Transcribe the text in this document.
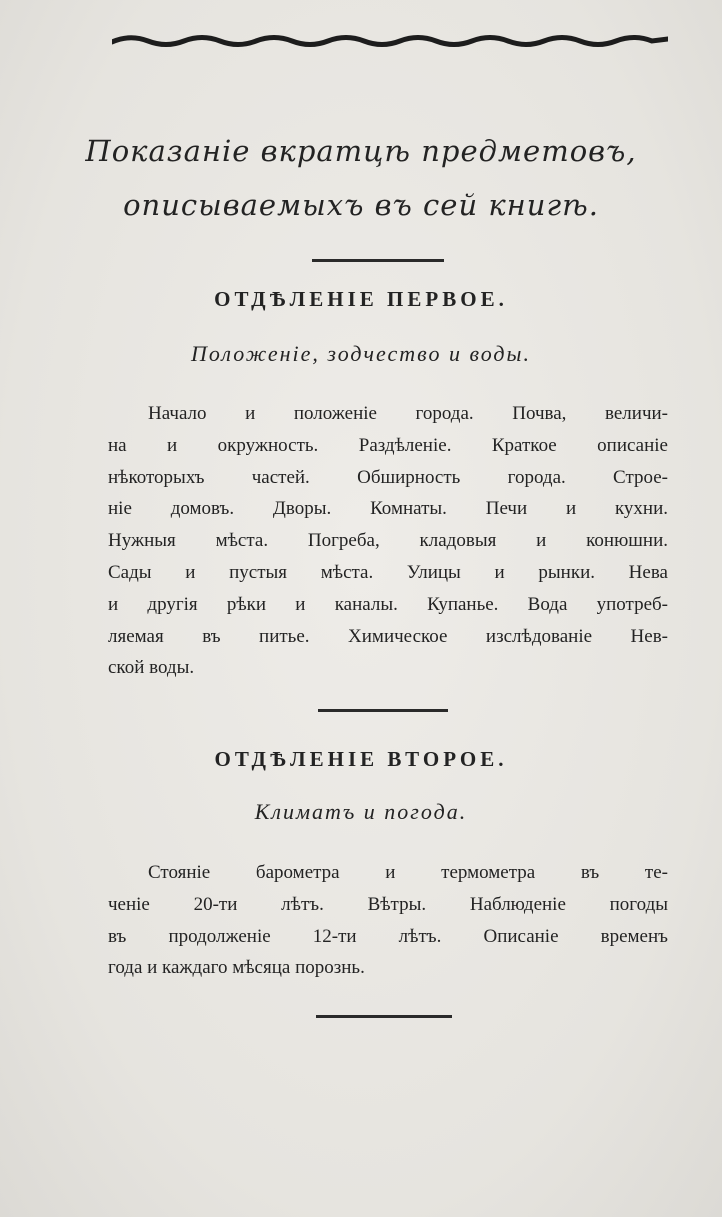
Показаніе вкратцѣ предметовъ,
описываемыхъ въ сей книгѣ.
ОТДѢЛЕНІЕ ПЕРВОЕ.
Положеніе, зодчество и воды.
Начало и положеніе города. Почва, величи-
на и окружность. Раздѣленіе. Краткое описаніе
нѣкоторыхъ частей. Обширность города. Строе-
ніе домовъ. Дворы. Комнаты. Печи и кухни.
Нужныя мѣста. Погреба, кладовыя и конюшни.
Сады и пустыя мѣста. Улицы и рынки. Нева
и другія рѣки и каналы. Купанье. Вода употреб-
ляемая въ питье. Химическое изслѣдованіе Нев-
ской воды.
ОТДѢЛЕНІЕ ВТОРОЕ.
Климатъ и погода.
Стояніе барометра и термометра въ те-
ченіе 20-ти лѣтъ. Вѣтры. Наблюденіе погоды
въ продолженіе 12-ти лѣтъ. Описаніе временъ
года и каждаго мѣсяца порознь.
